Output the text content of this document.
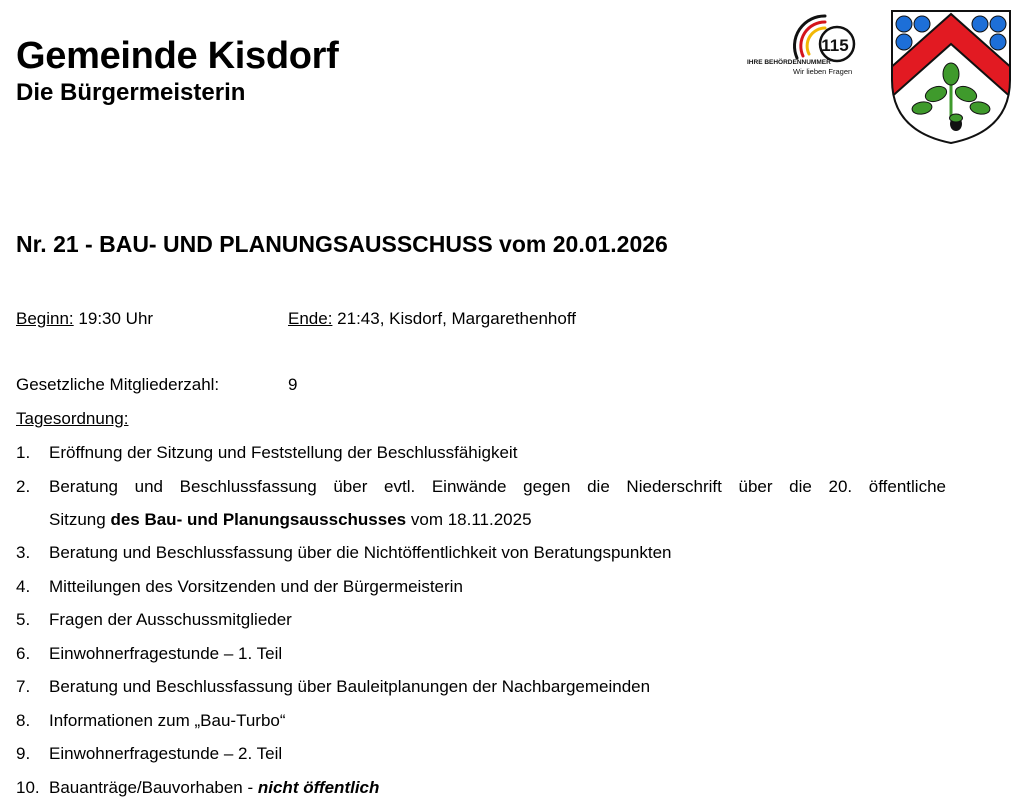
Gemeinde Kisdorf
Die Bürgermeisterin
115
IHRE BEHÖRDENNUMMER
Wir lieben Fragen
Nr. 21 - BAU- UND PLANUNGSAUSSCHUSS vom 20.01.2026
Beginn: 19:30 Uhr	Ende: 21:43, Kisdorf, Margarethenhoff
Gesetzliche Mitgliederzahl:	9
Tagesordnung:
1. Eröffnung der Sitzung und Feststellung der Beschlussfähigkeit
2. Beratung und Beschlussfassung über evtl. Einwände gegen die Niederschrift über die 20. öffentliche
Sitzung des Bau- und Planungsausschusses vom 18.11.2025
3. Beratung und Beschlussfassung über die Nichtöffentlichkeit von Beratungspunkten
4. Mitteilungen des Vorsitzenden und der Bürgermeisterin
5. Fragen der Ausschussmitglieder
6. Einwohnerfragestunde – 1. Teil
7. Beratung und Beschlussfassung über Bauleitplanungen der Nachbargemeinden
8. Informationen zum „Bau-Turbo“
9. Einwohnerfragestunde – 2. Teil
10. Bauanträge/Bauvorhaben - nicht öffentlich
